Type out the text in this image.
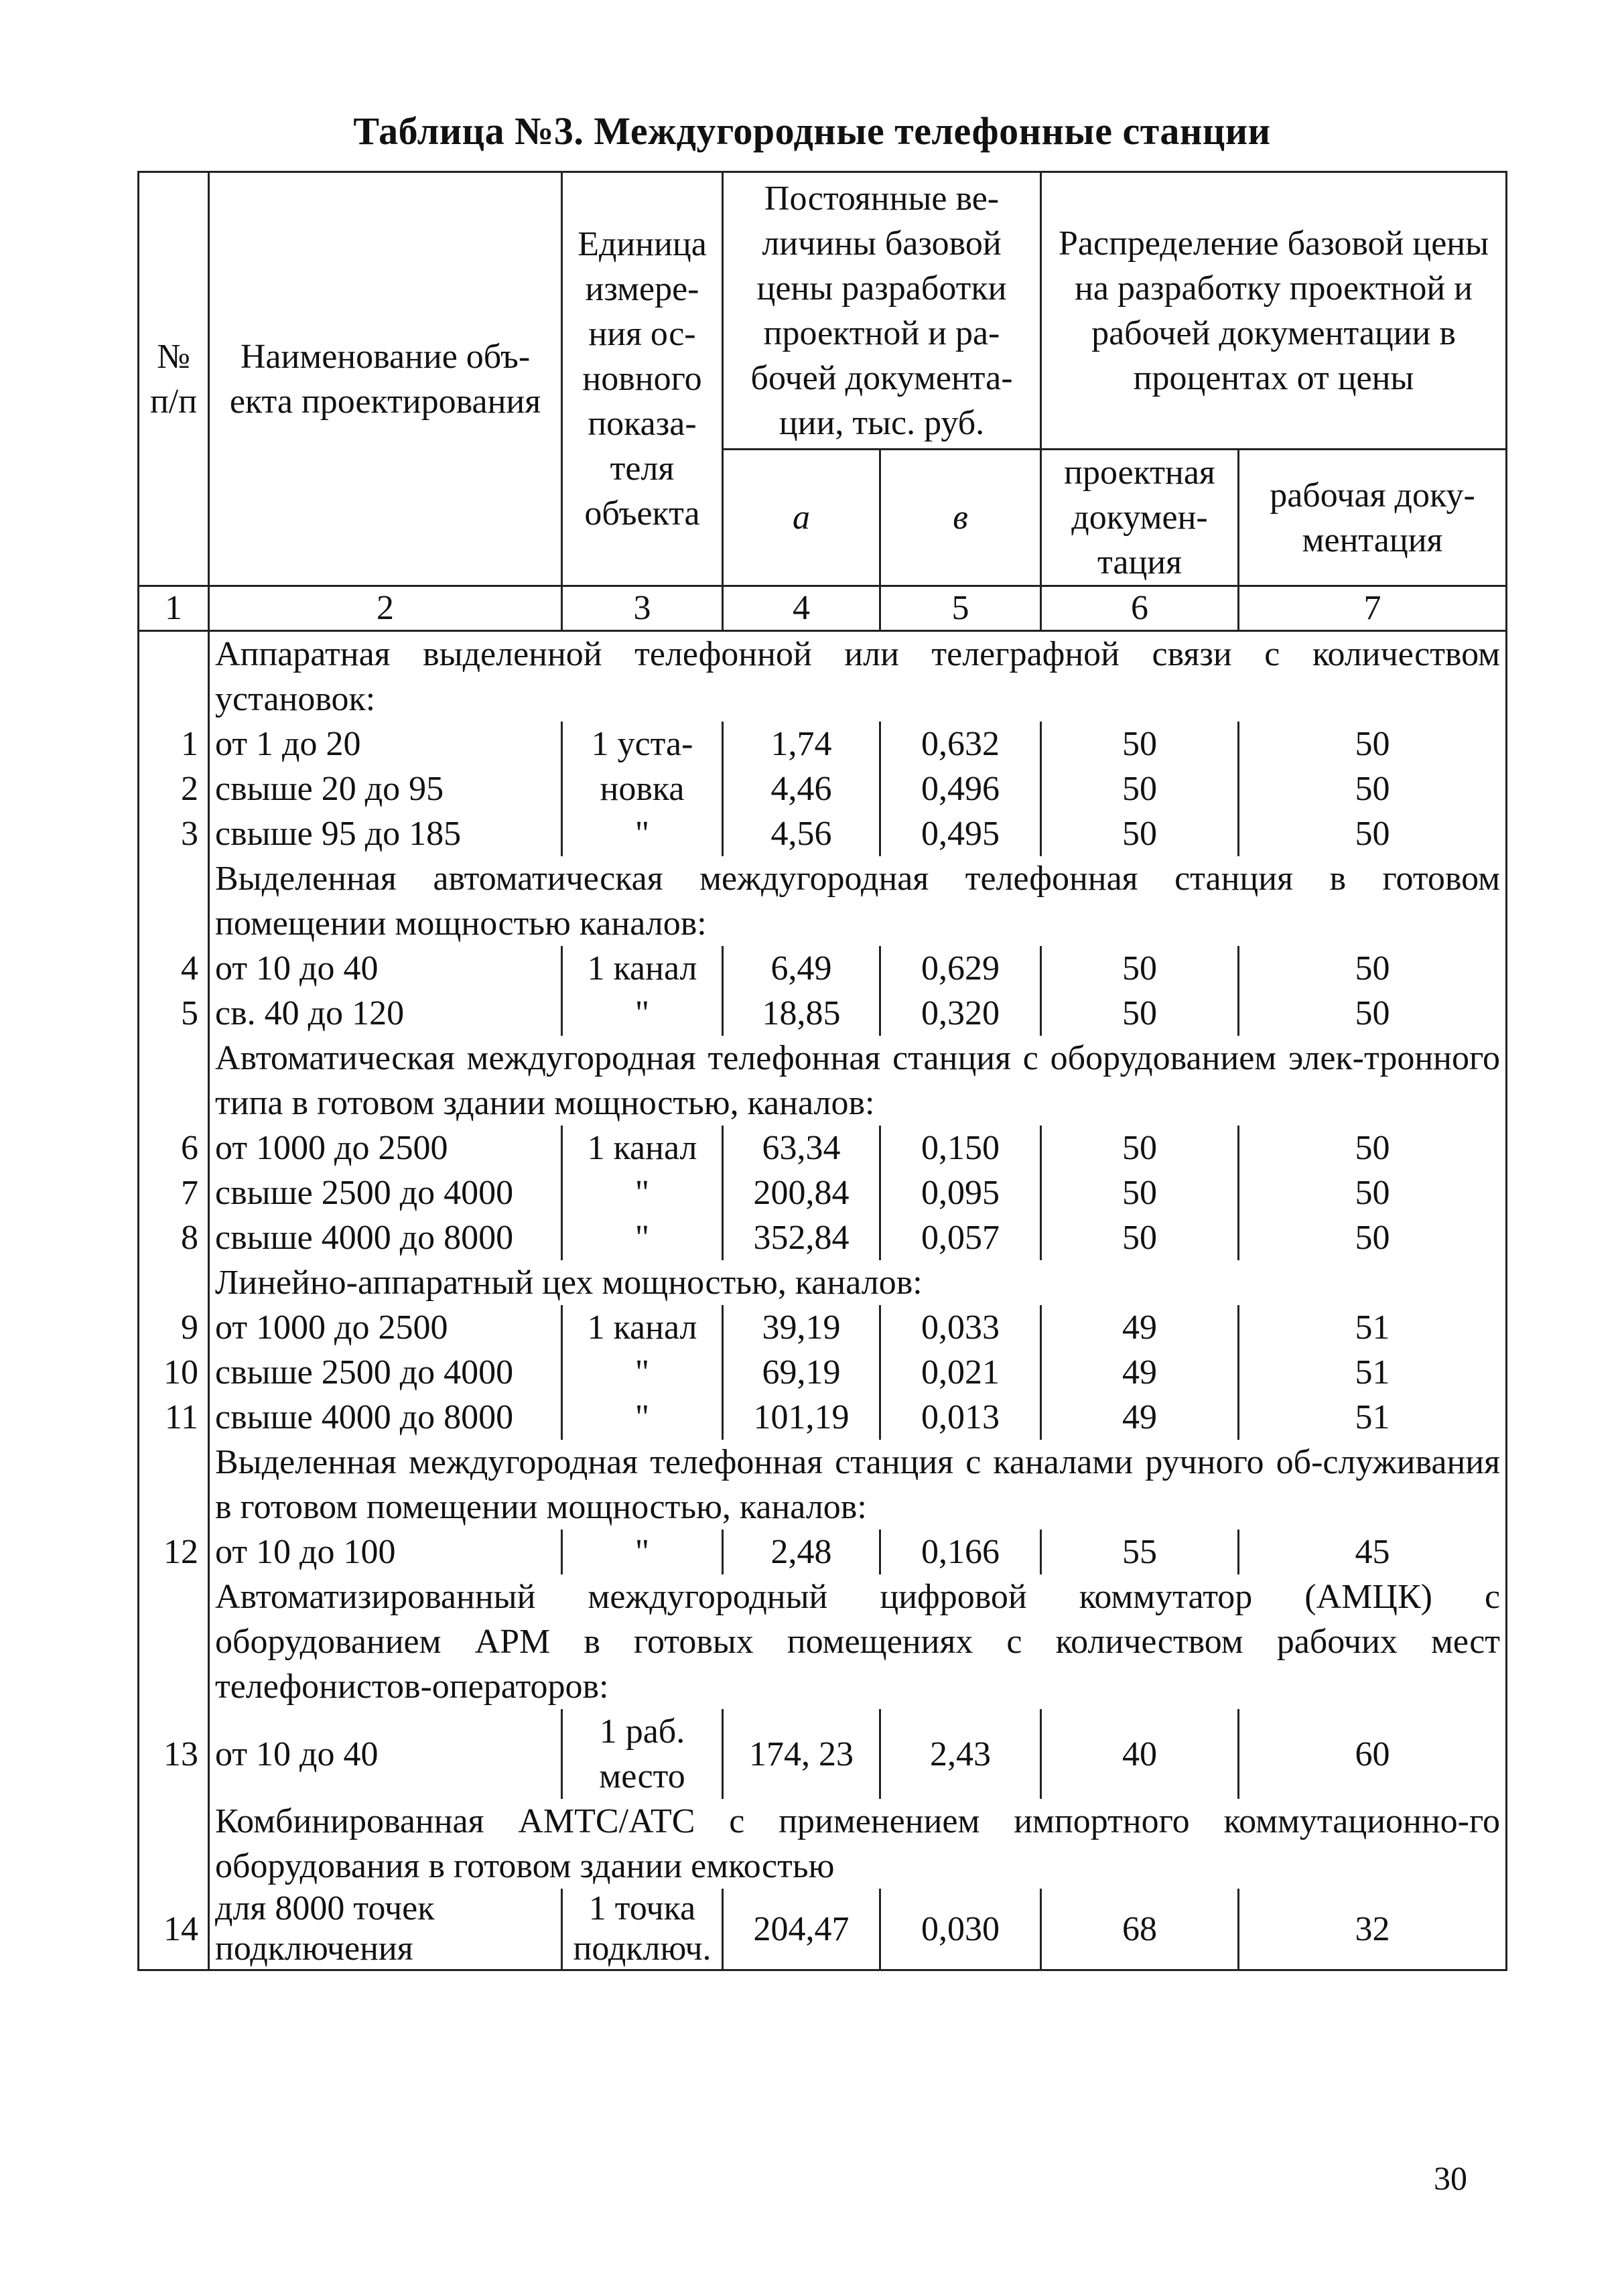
Таблица №3. Междугородные телефонные станции
№ п/п	Наименование объ-екта проектирования	Единица измере-ния ос-новного показа-теля объекта	Постоянные ве-личины базовой цены разработки проектной и ра-бочей документа-ции, тыс. руб.		Распределение базовой цены на разработку проектной и рабочей документации в процентах от цены	
			а	в	проектная докумен-тация	рабочая доку-ментация
1	2	3	4	5	6	7
	Аппаратная выделенной телефонной или телеграфной связи с количеством установок:					
1	от 1 до 20	1 уста-	1,74	0,632	50	50
2	свыше 20 до 95	новка	4,46	0,496	50	50
3	свыше 95 до 185	"	4,56	0,495	50	50
	Выделенная автоматическая междугородная телефонная станция в готовом помещении мощностью каналов:					
4	от 10 до 40	1 канал	6,49	0,629	50	50
5	св. 40 до 120	"	18,85	0,320	50	50
	Автоматическая междугородная телефонная станция с оборудованием элек-тронного типа в готовом здании мощностью, каналов:					
6	от 1000 до 2500	1 канал	63,34	0,150	50	50
7	свыше 2500 до 4000	"	200,84	0,095	50	50
8	свыше 4000 до 8000	"	352,84	0,057	50	50
	Линейно-аппаратный цех мощностью, каналов:					
9	от 1000 до 2500	1 канал	39,19	0,033	49	51
10	свыше 2500 до 4000	"	69,19	0,021	49	51
11	свыше 4000 до 8000	"	101,19	0,013	49	51
	Выделенная междугородная телефонная станция с каналами ручного об-служивания в готовом помещении мощностью, каналов:					
12	от 10 до 100	"	2,48	0,166	55	45
	Автоматизированный междугородный цифровой коммутатор (АМЦК) с оборудованием АРМ в готовых помещениях с количеством рабочих мест телефонистов-операторов:					
13	от 10 до 40	1 раб. место	174, 23	2,43	40	60
	Комбинированная АМТС/АТС с применением импортного коммутационно-го оборудования в готовом здании емкостью					
14	для 8000 точек подключения	1 точка подключ.	204,47	0,030	68	32
30
